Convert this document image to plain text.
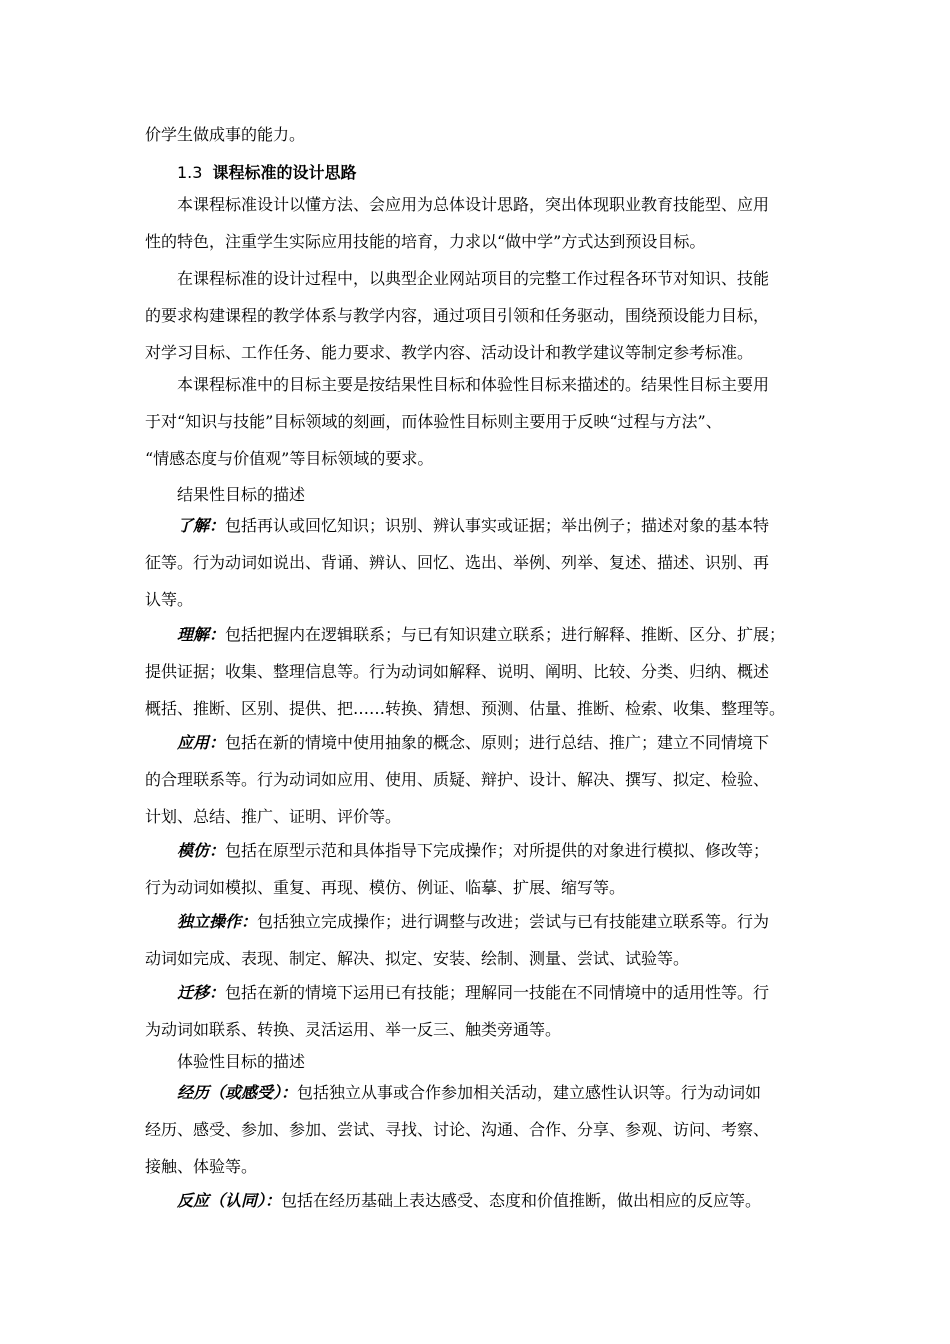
价学生做成事的能力。
1.3 课程标准的设计思路
本课程标准设计以懂方法、会应用为总体设计思路，突出体现职业教育技能型、应用
性的特色，注重学生实际应用技能的培育，力求以“做中学”方式达到预设目标。
在课程标准的设计过程中，以典型企业网站项目的完整工作过程各环节对知识、技能
的要求构建课程的教学体系与教学内容，通过项目引领和任务驱动，围绕预设能力目标，
对学习目标、工作任务、能力要求、教学内容、活动设计和教学建议等制定参考标准。
本课程标准中的目标主要是按结果性目标和体验性目标来描述的。结果性目标主要用
于对“知识与技能”目标领域的刻画，而体验性目标则主要用于反映“过程与方法”、
“情感态度与价值观”等目标领域的要求。
结果性目标的描述
了解：包括再认或回忆知识；识别、辨认事实或证据；举出例子；描述对象的基本特
征等。行为动词如说出、背诵、辨认、回忆、选出、举例、列举、复述、描述、识别、再
认等。
理解：包括把握内在逻辑联系；与已有知识建立联系；进行解释、推断、区分、扩展；
提供证据；收集、整理信息等。行为动词如解释、说明、阐明、比较、分类、归纳、概述
概括、推断、区别、提供、把……转换、猜想、预测、估量、推断、检索、收集、整理等。
应用：包括在新的情境中使用抽象的概念、原则；进行总结、推广；建立不同情境下
的合理联系等。行为动词如应用、使用、质疑、辩护、设计、解决、撰写、拟定、检验、
计划、总结、推广、证明、评价等。
模仿：包括在原型示范和具体指导下完成操作；对所提供的对象进行模拟、修改等；
行为动词如模拟、重复、再现、模仿、例证、临摹、扩展、缩写等。
独立操作：包括独立完成操作；进行调整与改进；尝试与已有技能建立联系等。行为
动词如完成、表现、制定、解决、拟定、安装、绘制、测量、尝试、试验等。
迁移：包括在新的情境下运用已有技能；理解同一技能在不同情境中的适用性等。行
为动词如联系、转换、灵活运用、举一反三、触类旁通等。
体验性目标的描述
经历（或感受）：包括独立从事或合作参加相关活动，建立感性认识等。行为动词如
经历、感受、参加、参加、尝试、寻找、讨论、沟通、合作、分享、参观、访问、考察、
接触、体验等。
反应（认同）：包括在经历基础上表达感受、态度和价值推断，做出相应的反应等。
